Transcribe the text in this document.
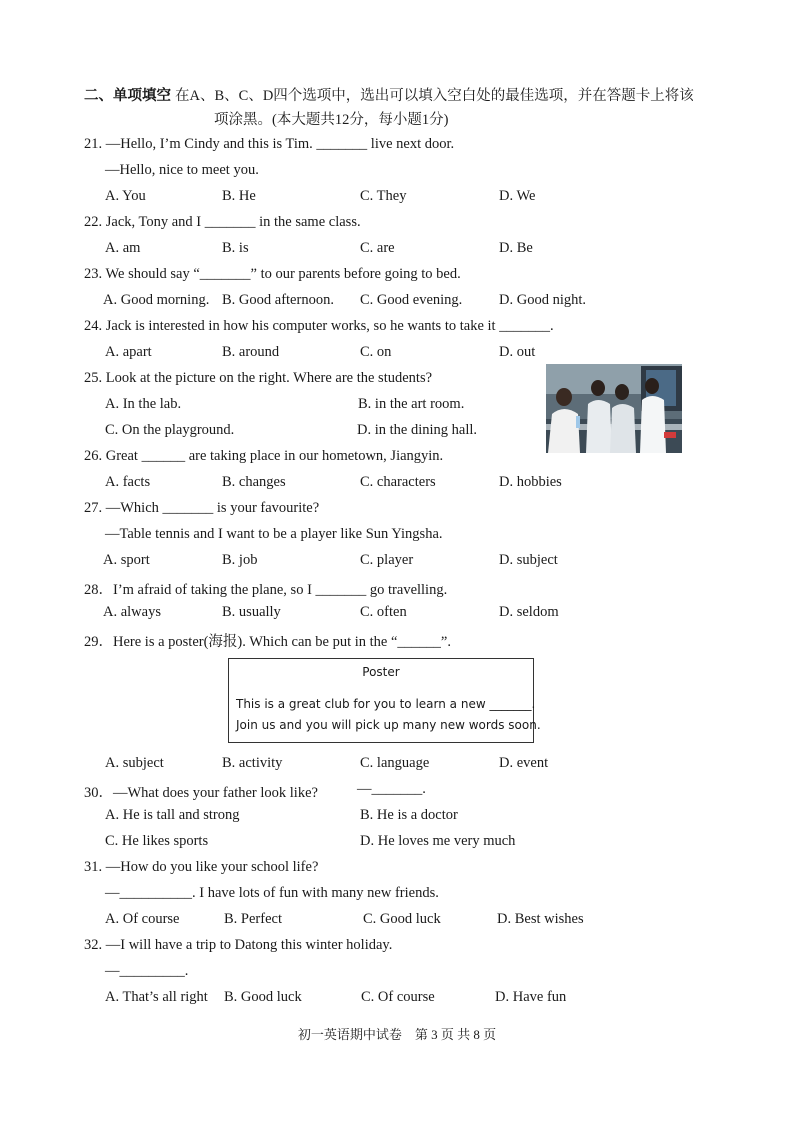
二、单项填空 在A、B、C、D四个选项中，选出可以填入空白处的最佳选项，并在答题卡上将该
项涂黑。(本大题共12分，每小题1分)
21. —Hello, I’m Cindy and this is Tim. _______ live next door.
—Hello, nice to meet you.
A. You	B. He	C. They	D. We
22. Jack, Tony and I _______ in the same class.
A. am	B. is	C. are	D. Be
23. We should say “_______” to our parents before going to bed.
A. Good morning. B. Good afternoon. C. Good evening.	D. Good night.
24. Jack is interested in how his computer works, so he wants to take it _______.
A. apart	B. around	C. on	D. out
25. Look at the picture on the right. Where are the students?
A. In the lab.	B. in the art room.
C. On the playground.	D. in the dining hall.
26. Great ______ are taking place in our hometown, Jiangyin.
A. facts	B. changes	C. characters	D. hobbies
27. —Which _______ is your favourite?
—Table tennis and I want to be a player like Sun Yingsha.
A. sport	B. job	C. player	D. subject
28．I’m afraid of taking the plane, so I _______ go travelling.
A. always	B. usually	C. often	D. seldom
29．Here is a poster(海报). Which can be put in the “______”.
Poster
This is a great club for you to learn a new _______.
Join us and you will pick up many new words soon.
A. subject	B. activity	C. language	D. event
30．—What does your father look like?	—_______.
A. He is tall and strong	B. He is a doctor
C. He likes sports	D. He loves me very much
31. —How do you like your school life?
—__________. I have lots of fun with many new friends.
A. Of course	B. Perfect	C. Good luck	D. Best wishes
32. —I will have a trip to Datong this winter holiday.
—_________.
A. That’s all right B. Good luck	C. Of course	D. Have fun
初一英语期中试卷　第 3 页 共 8 页
